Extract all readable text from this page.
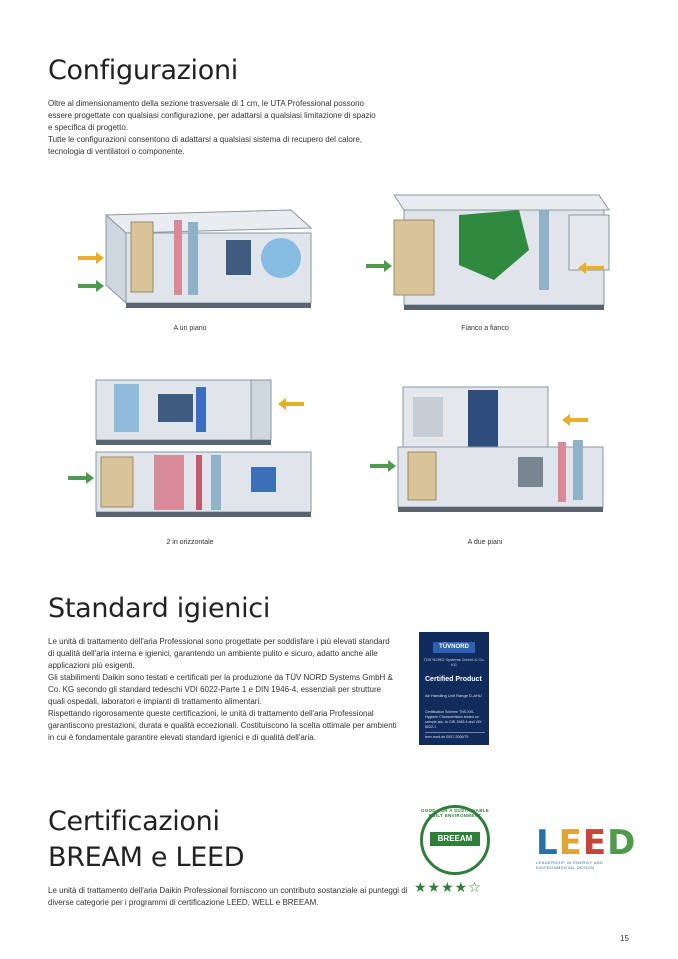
Configurazioni

Oltre al dimensionamento della sezione trasversale di 1 cm, le UTA Professional possono essere progettate con qualsiasi configurazione, per adattarsi a qualsiasi limitazione di spazio e specifica di progetto.
Tutte le configurazioni consentono di adattarsi a qualsiasi sistema di recupero del calore, tecnologia di ventilatori o componente.

A un piano	Fianco a fianco
2 in orizzontale	A due piani
Standard igienici

Le unità di trattamento dell'aria Professional sono progettate per soddisfare i più elevati standard di qualità dell'aria interna e igienici, garantendo un ambiente pulito e sicuro, adatto anche alle applicazioni più esigenti.
Gli stabilimenti Daikin sono testati e certificati per la produzione da TÜV NORD Systems GmbH & Co. KG secondo gli standard tedeschi VDI 6022-Parte 1 e DIN 1946-4, essenziali per strutture quali ospedali, laboratori e impianti di trattamento alimentari.
Rispettando rigorosamente queste certificazioni, le unità di trattamento dell'aria Professional garantiscono prestazioni, durata e qualità eccezionali. Costituiscono la scelta ottimale per ambienti in cui è fondamentale garantire elevati standard igienici e di qualità dell'aria.

TÜVNORD
TÜV NORD Systems GmbH & Co. KG
Certified Product
Air Handling Unit Range D-AHU
Certification Scheme TNS-KKL Hygiene Characteristics tested on sample acc. to DIN 1946-4 and VDI 6022-1
tuev-nord.de 0007-2008/79
Certificazioni
BREAM e LEED

Le unità di trattamento dell'aria Daikin Professional forniscono un contributo sostanziale ai punteggi di diverse categorie per i programmi di certificazione LEED, WELL e BREEAM.

GOOD FOR A SUSTAINABLE BUILT ENVIRONMENT
BREEAM
★★★★☆
LEED
LEADERSHIP IN ENERGY AND
ENVIRONMENTAL DESIGN
15
